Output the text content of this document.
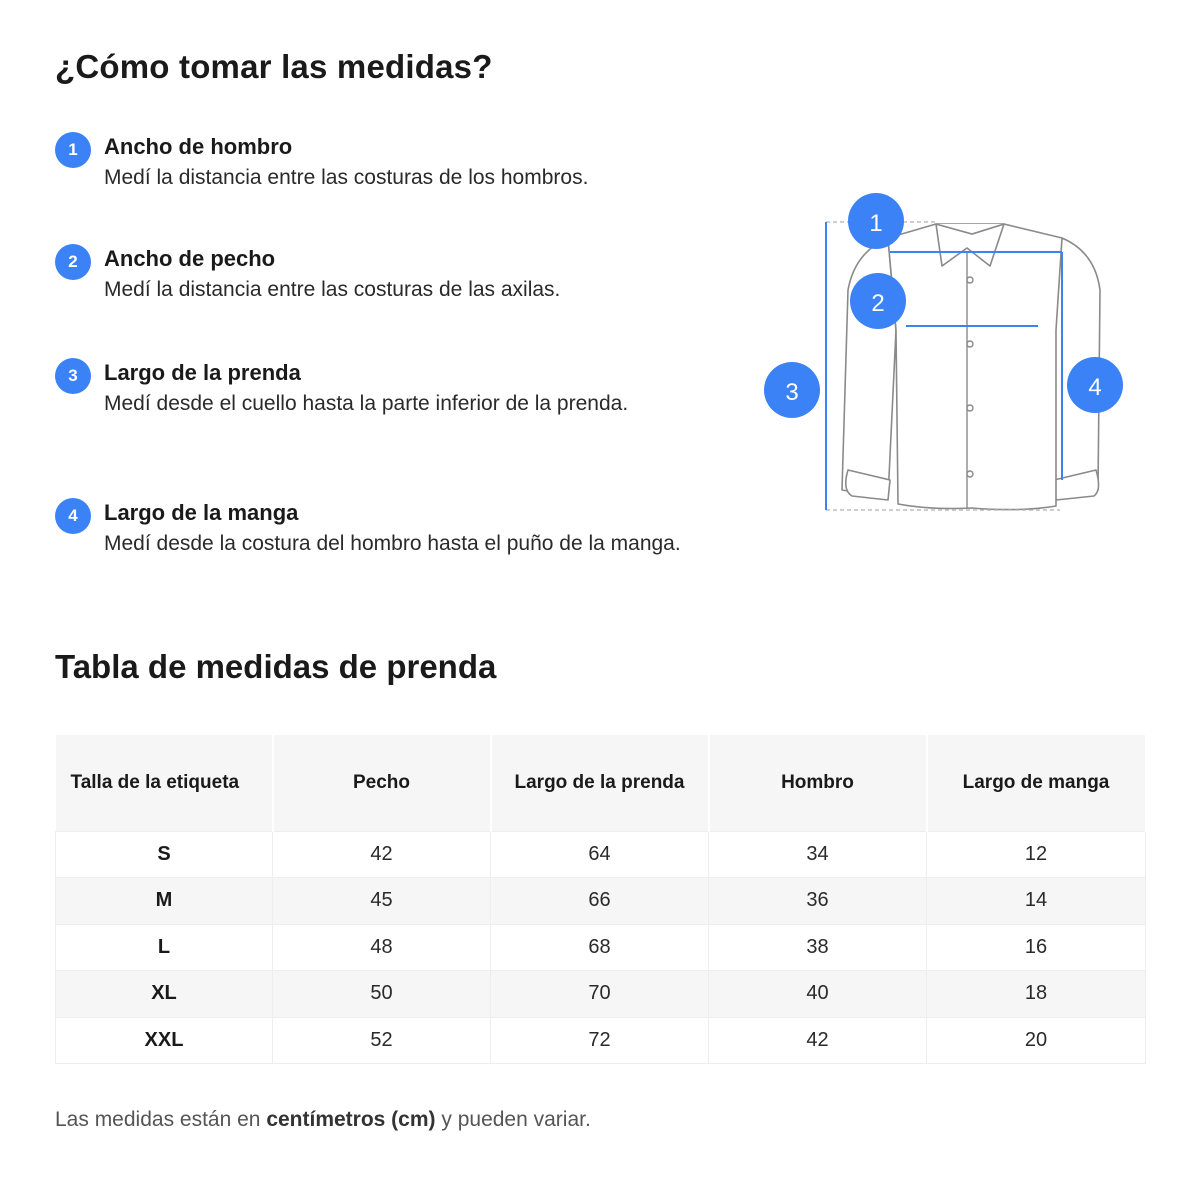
¿Cómo tomar las medidas?
1	Ancho de hombro
Medí la distancia entre las costuras de los hombros.
2	Ancho de pecho
Medí la distancia entre las costuras de las axilas.
3	Largo de la prenda
Medí desde el cuello hasta la parte inferior de la prenda.
4	Largo de la manga
Medí desde la costura del hombro hasta el puño de la manga.
1
2
3	4
Tabla de medidas de prenda
Talla de la etiqueta	Pecho	Largo de la prenda	Hombro	Largo de manga
S	42	64	34	12
M	45	66	36	14
L	48	68	38	16
XL	50	70	40	18
XXL	52	72	42	20

Las medidas están en centímetros (cm) y pueden variar.
